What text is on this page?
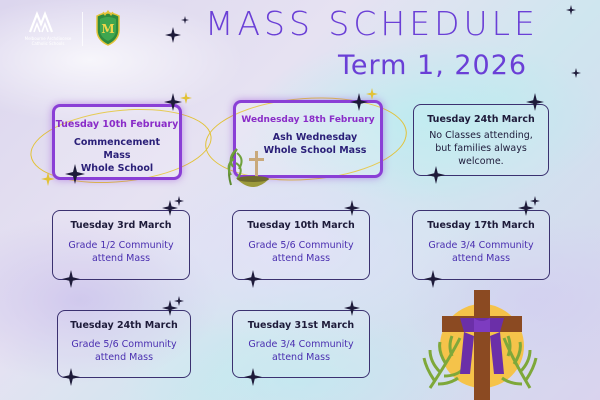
Melbourne Archdiocese Catholic Schools
M	MASS SCHEDULE
Term 1, 2026
Tuesday 10th February
Commencement Mass
Whole School
Wednesday 18th February
Ash Wednesday
Whole School Mass
Tuesday 24th March
No Classes attending,
but families always
welcome.
Tuesday 3rd March
Grade 1/2 Community
attend Mass
Tuesday 10th March
Grade 5/6 Community
attend Mass
Tuesday 17th March
Grade 3/4 Community
attend Mass
Tuesday 24th March
Grade 5/6 Community
attend Mass
Tuesday 31st March
Grade 3/4 Community
attend Mass
